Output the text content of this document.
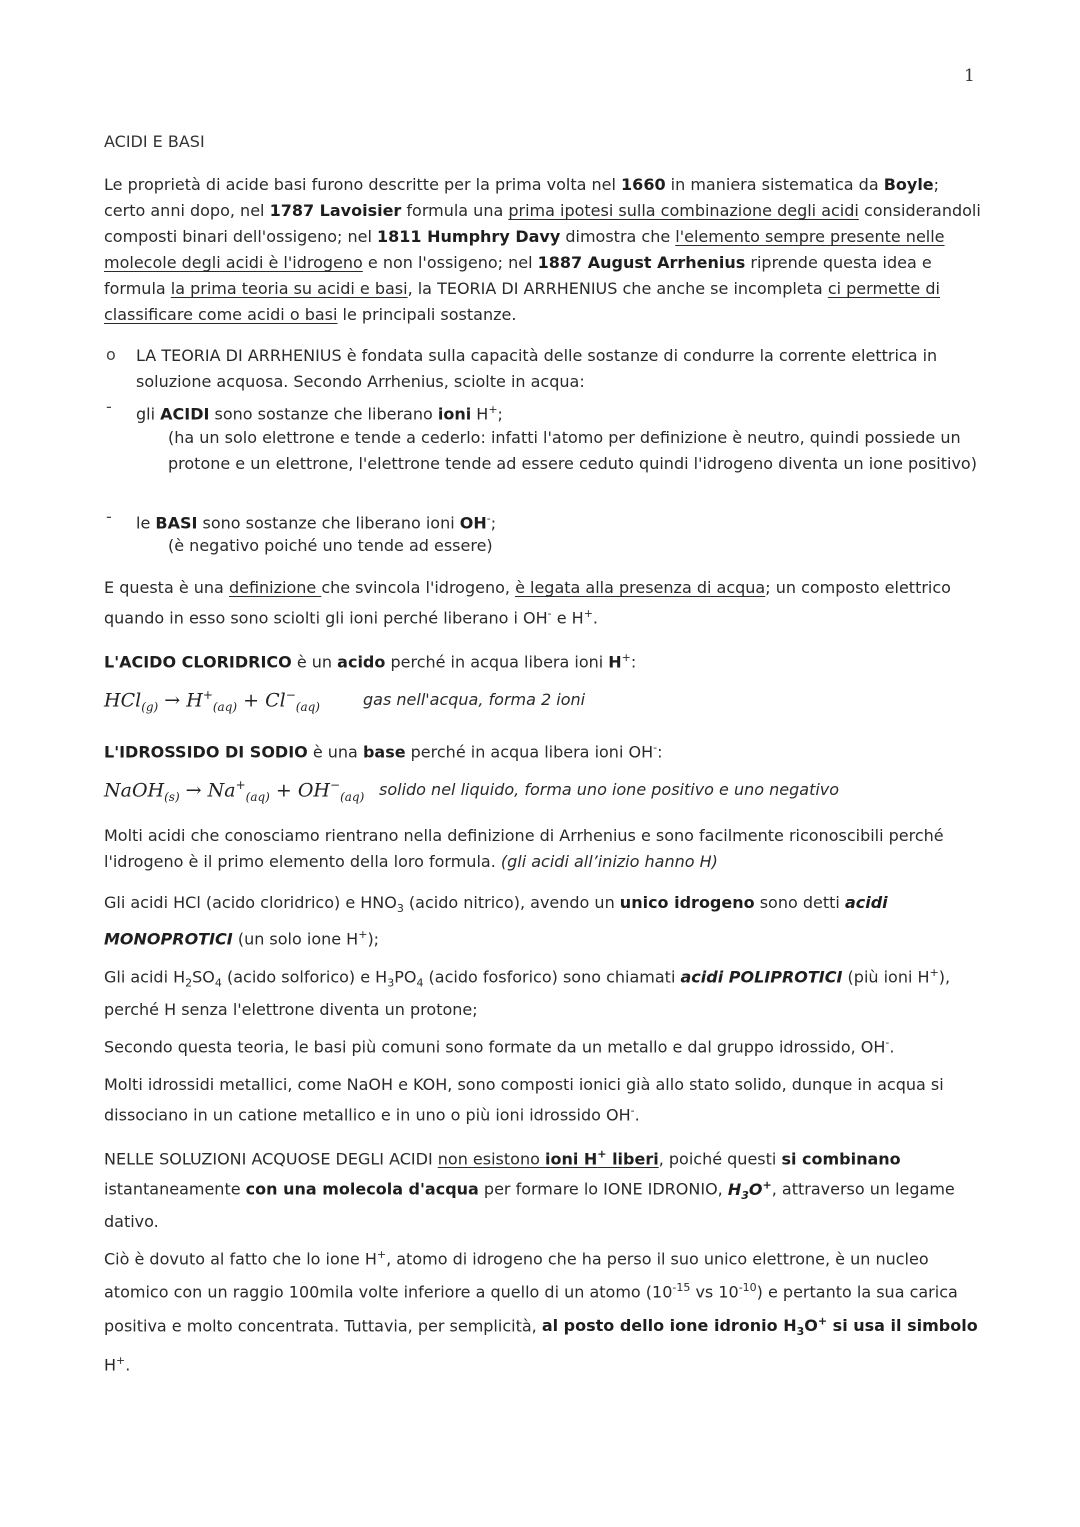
1
ACIDI E BASI
Le proprietà di acide basi furono descritte per la prima volta nel 1660 in maniera sistematica da Boyle; certo anni dopo, nel 1787 Lavoisier formula una prima ipotesi sulla combinazione degli acidi considerandoli composti binari dell'ossigeno; nel 1811 Humphry Davy dimostra che l'elemento sempre presente nelle molecole degli acidi è l'idrogeno e non l'ossigeno; nel 1887 August Arrhenius riprende questa idea e formula la prima teoria su acidi e basi, la TEORIA DI ARRHENIUS che anche se incompleta ci permette di classificare come acidi o basi le principali sostanze.
o LA TEORIA DI ARRHENIUS è fondata sulla capacità delle sostanze di condurre la corrente elettrica in soluzione acquosa. Secondo Arrhenius, sciolte in acqua:
- gli ACIDI sono sostanze che liberano ioni H+;
(ha un solo elettrone e tende a cederlo: infatti l'atomo per definizione è neutro, quindi possiede un protone e un elettrone, l'elettrone tende ad essere ceduto quindi l'idrogeno diventa un ione positivo)
- le BASI sono sostanze che liberano ioni OH-;
(è negativo poiché uno tende ad essere)
E questa è una definizione che svincola l'idrogeno, è legata alla presenza di acqua; un composto elettrico quando in esso sono sciolti gli ioni perché liberano i OH- e H+.
L'ACIDO CLORIDRICO è un acido perché in acqua libera ioni H+:
$HCl_{(g)} \to H^+_{(aq)} + Cl^-_{(aq)}$	gas nell'acqua, forma 2 ioni
L'IDROSSIDO DI SODIO è una base perché in acqua libera ioni OH-:
NaOH$_{(s)}$ → $Na^+_{(aq)} + OH^-_{(aq)}$ solido nel liquido, forma uno ione positivo e uno negativo
Molti acidi che conosciamo rientrano nella definizione di Arrhenius e sono facilmente riconoscibili perché l'idrogeno è il primo elemento della loro formula. (gli acidi all’inizio hanno H)
Gli acidi HCl (acido cloridrico) e $HNO_3$ (acido nitrico), avendo un unico idrogeno sono detti acidi MONOPROTICI (un solo ione H+);
Gli acidi $H_2SO_4$ (acido solforico) e $H_3PO_4$ (acido fosforico) sono chiamati acidi POLIPROTICI (più ioni H+), perché H senza l'elettrone diventa un protone;
Secondo questa teoria, le basi più comuni sono formate da un metallo e dal gruppo idrossido, OH-.
Molti idrossidi metallici, come NaOH e KOH, sono composti ionici già allo stato solido, dunque in acqua si dissociano in un catione metallico e in uno o più ioni idrossido OH-.
NELLE SOLUZIONI ACQUOSE DEGLI ACIDI non esistono ioni H+ liberi, poiché questi si combinano istantaneamente con una molecola d'acqua per formare lo IONE IDRONIO, $H_3O^+$, attraverso un legame dativo.
Ciò è dovuto al fatto che lo ione H+, atomo di idrogeno che ha perso il suo unico elettrone, è un nucleo atomico con un raggio 100mila volte inferiore a quello di un atomo ($10^{-15}$ vs $10^{-10}$) e pertanto la sua carica positiva e molto concentrata. Tuttavia, per semplicità, al posto dello ione idronio $H_3O^+$ si usa il simbolo H+.
